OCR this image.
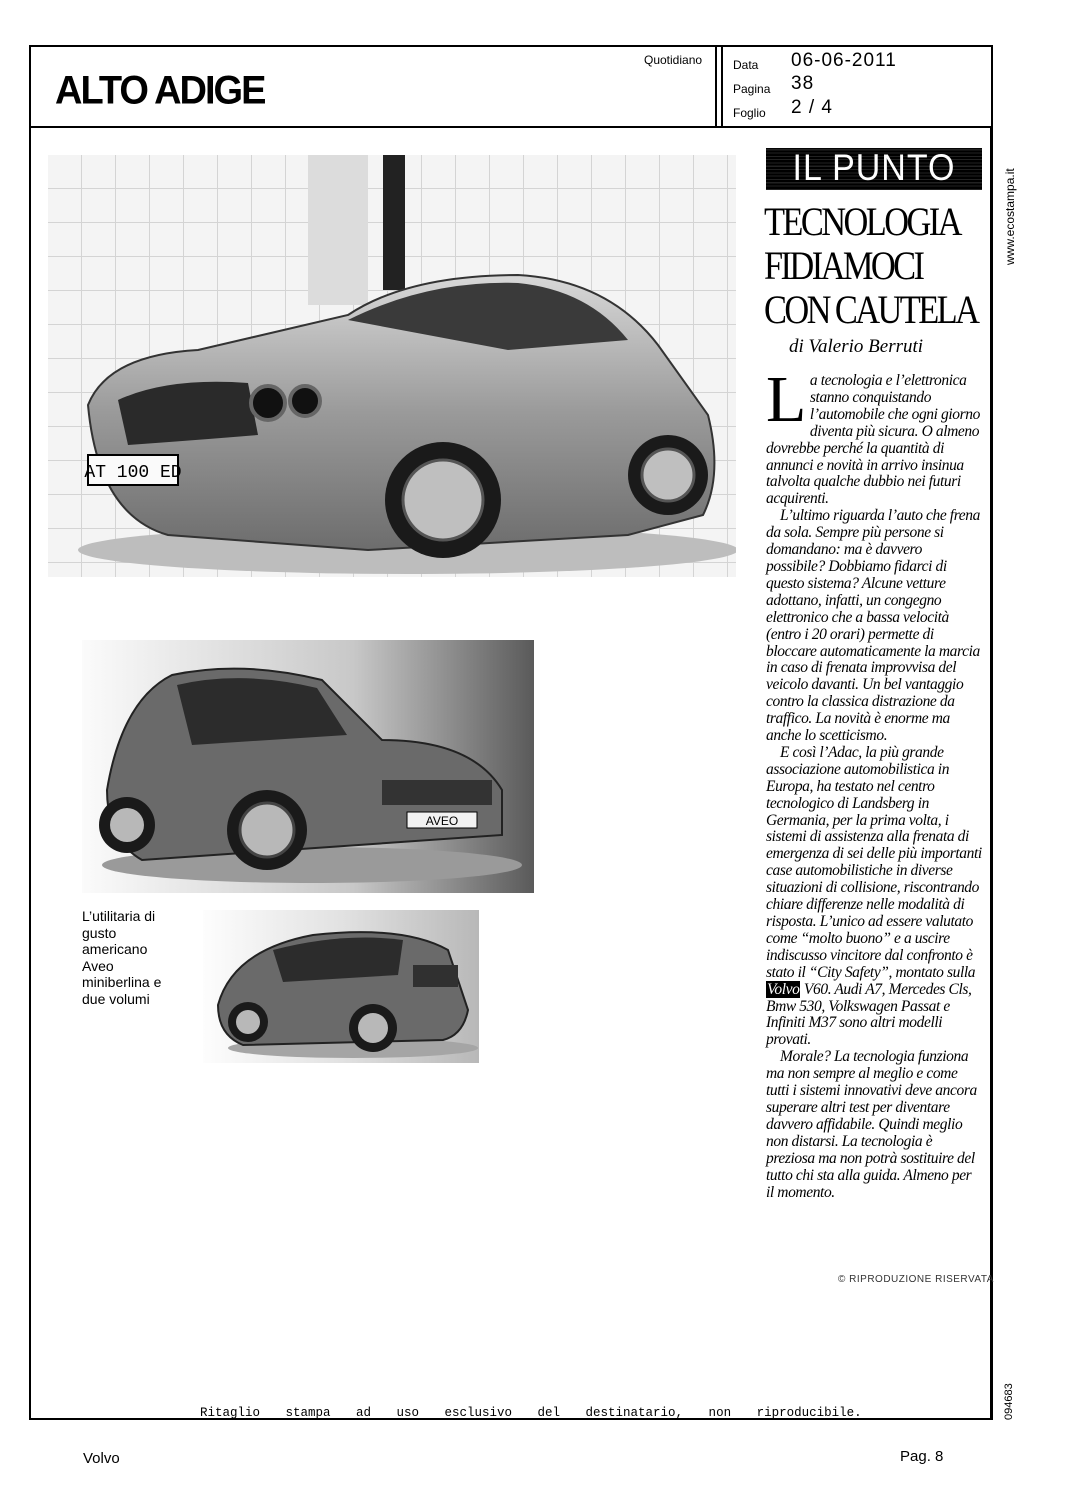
ALTO ADIGE
Quotidiano	Data 06-06-2011
Pagina 38
Foglio 2 / 4
www.ecostampa.it
094683
AT 100 ED
AVEO
L’utilitaria di gusto americano Aveo miniberlina e due volumi
IL PUNTO
TECNOLOGIA
FIDIAMOCI
CON CAUTELA
di Valerio Berruti

La tecnologia e l’elettronica stanno conquistando l’automobile che ogni giorno diventa più sicura. O almeno dovrebbe perché la quantità di annunci e novità in arrivo insinua talvolta qualche dubbio nei futuri acquirenti.

L’ultimo riguarda l’auto che frena da sola. Sempre più persone si domandano: ma è davvero possibile? Dobbiamo fidarci di questo sistema? Alcune vetture adottano, infatti, un congegno elettronico che a bassa velocità (entro i 20 orari) permette di bloccare automaticamente la marcia in caso di frenata improvvisa del veicolo davanti. Un bel vantaggio contro la classica distrazione da traffico. La novità è enorme ma anche lo scetticismo.

E così l’Adac, la più grande associazione automobilistica in Europa, ha testato nel centro tecnologico di Landsberg in Germania, per la prima volta, i sistemi di assistenza alla frenata di emergenza di sei delle più importanti case automobilistiche in diverse situazioni di collisione, riscontrando chiare differenze nelle modalità di risposta. L’unico ad essere valutato come “molto buono” e a uscire indiscusso vincitore dal confronto è stato il “City Safety”, montato sulla Volvo V60. Audi A7, Mercedes Cls, Bmw 530, Volkswagen Passat e Infiniti M37 sono altri modelli provati.

Morale? La tecnologia funziona ma non sempre al meglio e come tutti i sistemi innovativi deve ancora superare altri test per diventare davvero affidabile. Quindi meglio non distarsi. La tecnologia è preziosa ma non potrà sostituire del tutto chi sta alla guida. Almeno per il momento.

© RIPRODUZIONE RISERVATA
Ritaglio stampa ad uso esclusivo del destinatario, non riproducibile.
Volvo	Pag. 8
